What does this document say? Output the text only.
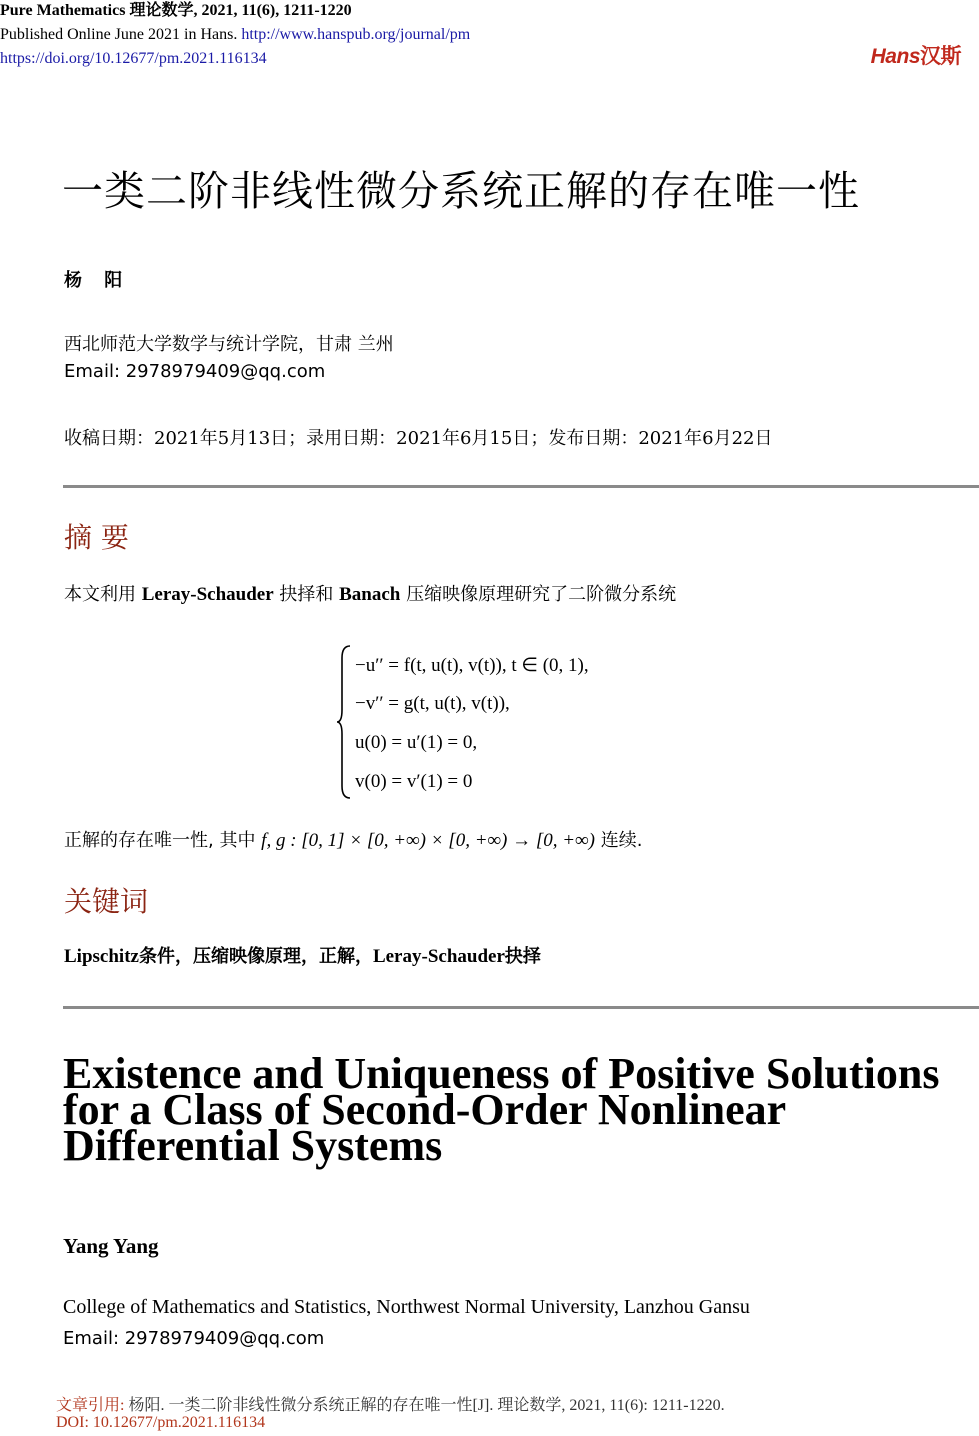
Pure Mathematics 理论数学, 2021, 11(6), 1211-1220
Published Online June 2021 in Hans. http://www.hanspub.org/journal/pm
https://doi.org/10.12677/pm.2021.116134	Hans汉斯
一类二阶非线性微分系统正解的存在唯一性
杨 阳
西北师范大学数学与统计学院，甘肃 兰州
Email: 2978979409@qq.com
收稿日期：2021年5月13日；录用日期：2021年6月15日；发布日期：2021年6月22日
摘 要
本文利用 Leray-Schauder 抉择和 Banach 压缩映像原理研究了二阶微分系统
−u′′ = f(t, u(t), v(t)), t ∈ (0, 1),
−v′′ = g(t, u(t), v(t)),
u(0) = u′(1) = 0,
v(0) = v′(1) = 0
正解的存在唯一性, 其中 f, g : [0, 1] × [0, +∞) × [0, +∞) → [0, +∞) 连续.
关键词
Lipschitz条件，压缩映像原理，正解，Leray-Schauder抉择
Existence and Uniqueness of Positive Solutions for a Class of Second-Order Nonlinear Differential Systems
Yang Yang
College of Mathematics and Statistics, Northwest Normal University, Lanzhou Gansu
Email: 2978979409@qq.com
文章引用: 杨阳. 一类二阶非线性微分系统正解的存在唯一性[J]. 理论数学, 2021, 11(6): 1211-1220.
DOI: 10.12677/pm.2021.116134
